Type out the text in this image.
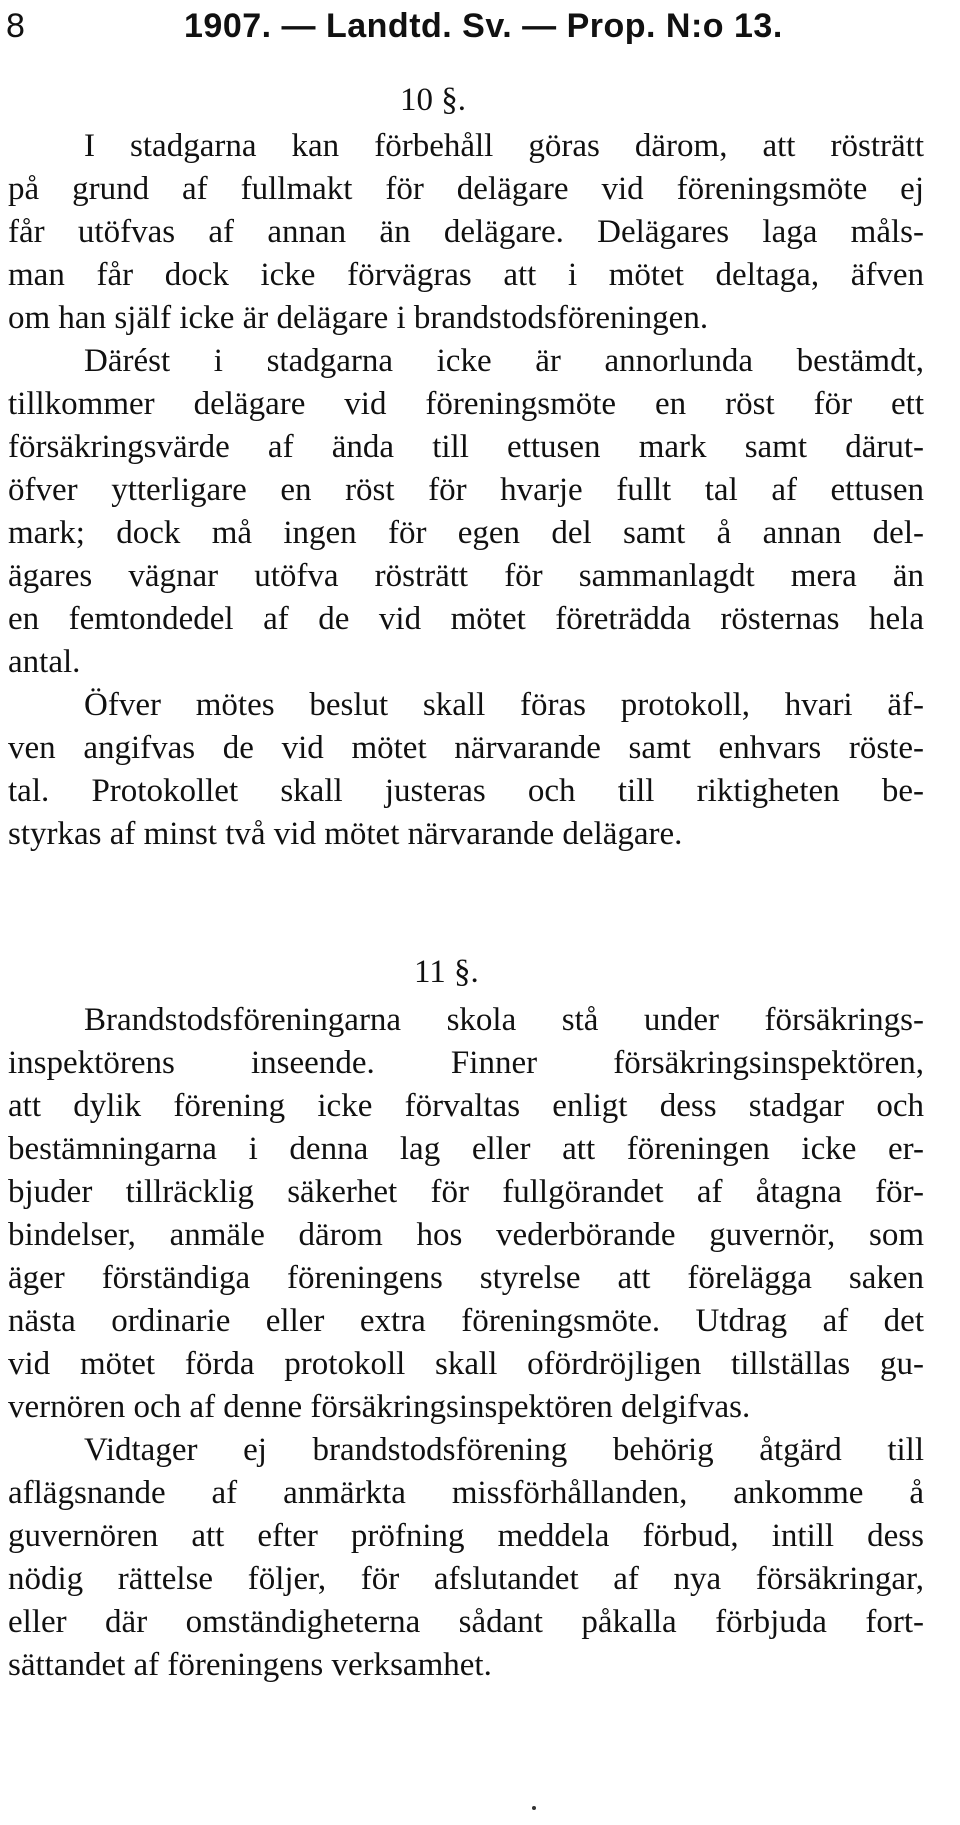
8	1907. — Landtd. Sv. — Prop. N:o 13.
10 §.
I stadgarna kan förbehåll göras därom, att rösträtt
på grund af fullmakt för delägare vid föreningsmöte ej
får utöfvas af annan än delägare. Delägares laga måls-
man får dock icke förvägras att i mötet deltaga, äfven
om han själf icke är delägare i brandstodsföreningen.
Därést i stadgarna icke är annorlunda bestämdt,
tillkommer delägare vid föreningsmöte en röst för ett
försäkringsvärde af ända till ettusen mark samt därut-
öfver ytterligare en röst för hvarje fullt tal af ettusen
mark; dock må ingen för egen del samt å annan del-
ägares vägnar utöfva rösträtt för sammanlagdt mera än
en femtondedel af de vid mötet företrädda rösternas hela
antal.
Öfver mötes beslut skall föras protokoll, hvari äf-
ven angifvas de vid mötet närvarande samt enhvars röste-
tal. Protokollet skall justeras och till riktigheten be-
styrkas af minst två vid mötet närvarande delägare.
11 §.
Brandstodsföreningarna skola stå under försäkrings-
inspektörens inseende. Finner försäkringsinspektören,
att dylik förening icke förvaltas enligt dess stadgar och
bestämningarna i denna lag eller att föreningen icke er-
bjuder tillräcklig säkerhet för fullgörandet af åtagna för-
bindelser, anmäle därom hos vederbörande guvernör, som
äger förständiga föreningens styrelse att förelägga saken
nästa ordinarie eller extra föreningsmöte. Utdrag af det
vid mötet förda protokoll skall ofördröjligen tillställas gu-
vernören och af denne försäkringsinspektören delgifvas.
Vidtager ej brandstodsförening behörig åtgärd till
aflägsnande af anmärkta missförhållanden, ankomme å
guvernören att efter pröfning meddela förbud, intill dess
nödig rättelse följer, för afslutandet af nya försäkringar,
eller där omständigheterna sådant påkalla förbjuda fort-
sättandet af föreningens verksamhet.
